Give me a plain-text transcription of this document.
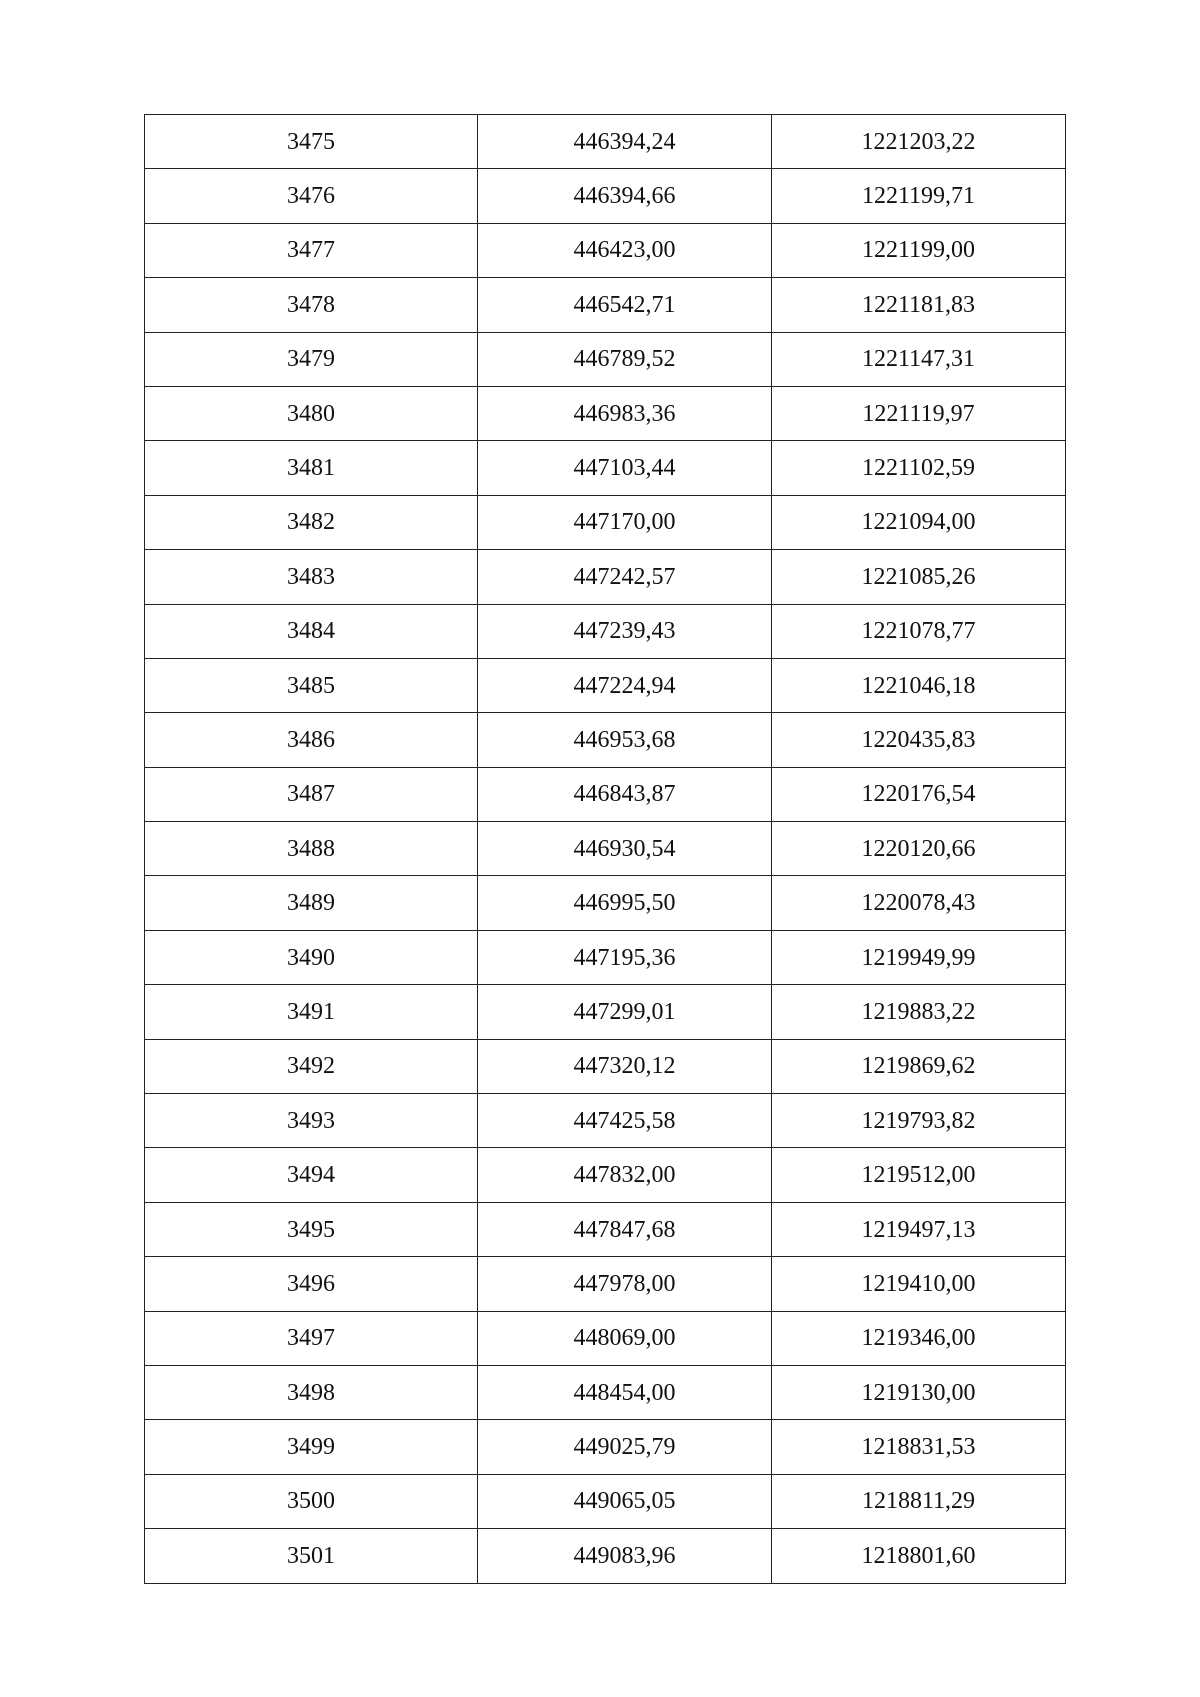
3475	446394,24	1221203,22
3476	446394,66	1221199,71
3477	446423,00	1221199,00
3478	446542,71	1221181,83
3479	446789,52	1221147,31
3480	446983,36	1221119,97
3481	447103,44	1221102,59
3482	447170,00	1221094,00
3483	447242,57	1221085,26
3484	447239,43	1221078,77
3485	447224,94	1221046,18
3486	446953,68	1220435,83
3487	446843,87	1220176,54
3488	446930,54	1220120,66
3489	446995,50	1220078,43
3490	447195,36	1219949,99
3491	447299,01	1219883,22
3492	447320,12	1219869,62
3493	447425,58	1219793,82
3494	447832,00	1219512,00
3495	447847,68	1219497,13
3496	447978,00	1219410,00
3497	448069,00	1219346,00
3498	448454,00	1219130,00
3499	449025,79	1218831,53
3500	449065,05	1218811,29
3501	449083,96	1218801,60
